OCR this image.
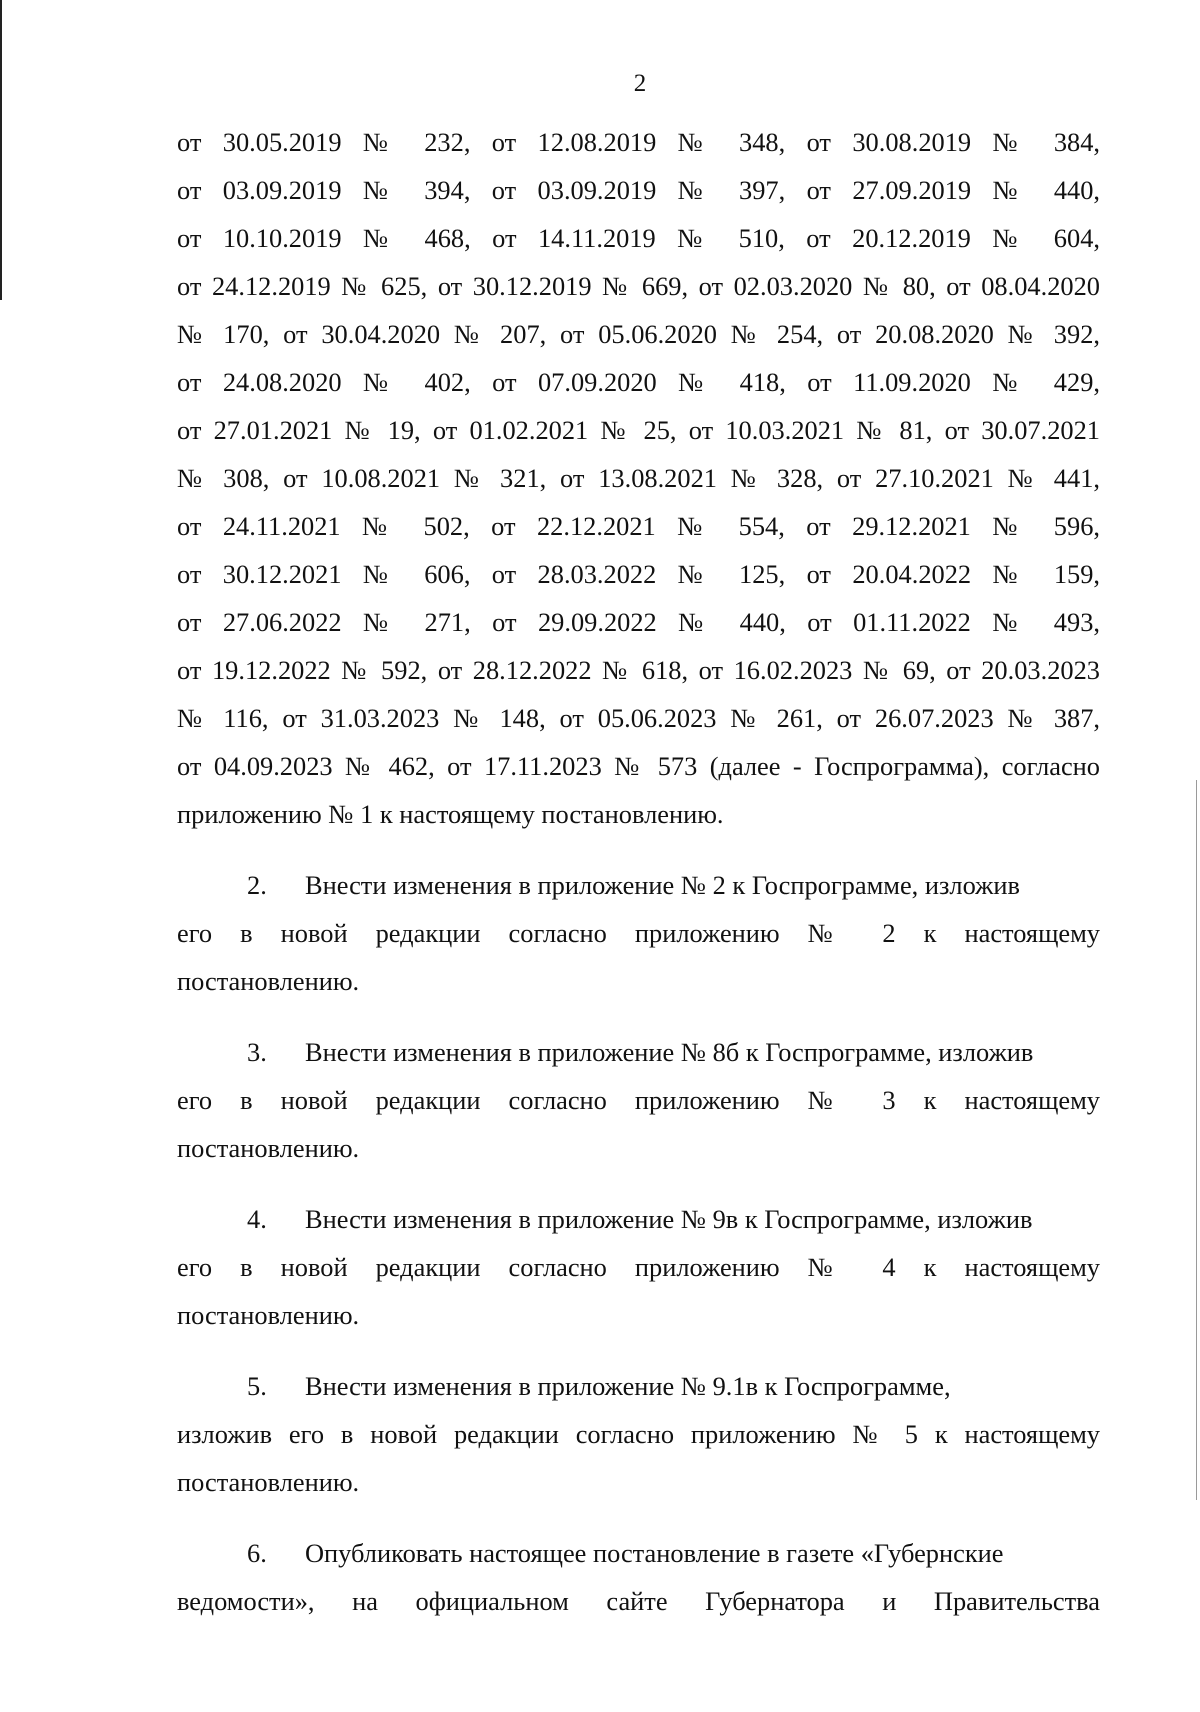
2
от 30.05.2019 № 232, от 12.08.2019 № 348, от 30.08.2019 № 384,
от 03.09.2019 № 394, от 03.09.2019 № 397, от 27.09.2019 № 440,
от 10.10.2019 № 468, от 14.11.2019 № 510, от 20.12.2019 № 604,
от 24.12.2019 № 625, от 30.12.2019 № 669, от 02.03.2020 № 80, от 08.04.2020
№ 170, от 30.04.2020 № 207, от 05.06.2020 № 254, от 20.08.2020 № 392,
от 24.08.2020 № 402, от 07.09.2020 № 418, от 11.09.2020 № 429,
от 27.01.2021 № 19, от 01.02.2021 № 25, от 10.03.2021 № 81, от 30.07.2021
№ 308, от 10.08.2021 № 321, от 13.08.2021 № 328, от 27.10.2021 № 441,
от 24.11.2021 № 502, от 22.12.2021 № 554, от 29.12.2021 № 596,
от 30.12.2021 № 606, от 28.03.2022 № 125, от 20.04.2022 № 159,
от 27.06.2022 № 271, от 29.09.2022 № 440, от 01.11.2022 № 493,
от 19.12.2022 № 592, от 28.12.2022 № 618, от 16.02.2023 № 69, от 20.03.2023
№ 116, от 31.03.2023 № 148, от 05.06.2023 № 261, от 26.07.2023 № 387,
от 04.09.2023 № 462, от 17.11.2023 № 573 (далее - Госпрограмма), согласно
приложению № 1 к настоящему постановлению.
2. Внести изменения в приложение № 2 к Госпрограмме, изложив
его в новой редакции согласно приложению № 2 к настоящему
постановлению.
3. Внести изменения в приложение № 8б к Госпрограмме, изложив
его в новой редакции согласно приложению № 3 к настоящему
постановлению.
4. Внести изменения в приложение № 9в к Госпрограмме, изложив
его в новой редакции согласно приложению № 4 к настоящему
постановлению.
5. Внести изменения в приложение № 9.1в к Госпрограмме,
изложив его в новой редакции согласно приложению № 5 к настоящему
постановлению.
6. Опубликовать настоящее постановление в газете «Губернские
ведомости», на официальном сайте Губернатора и Правительства
